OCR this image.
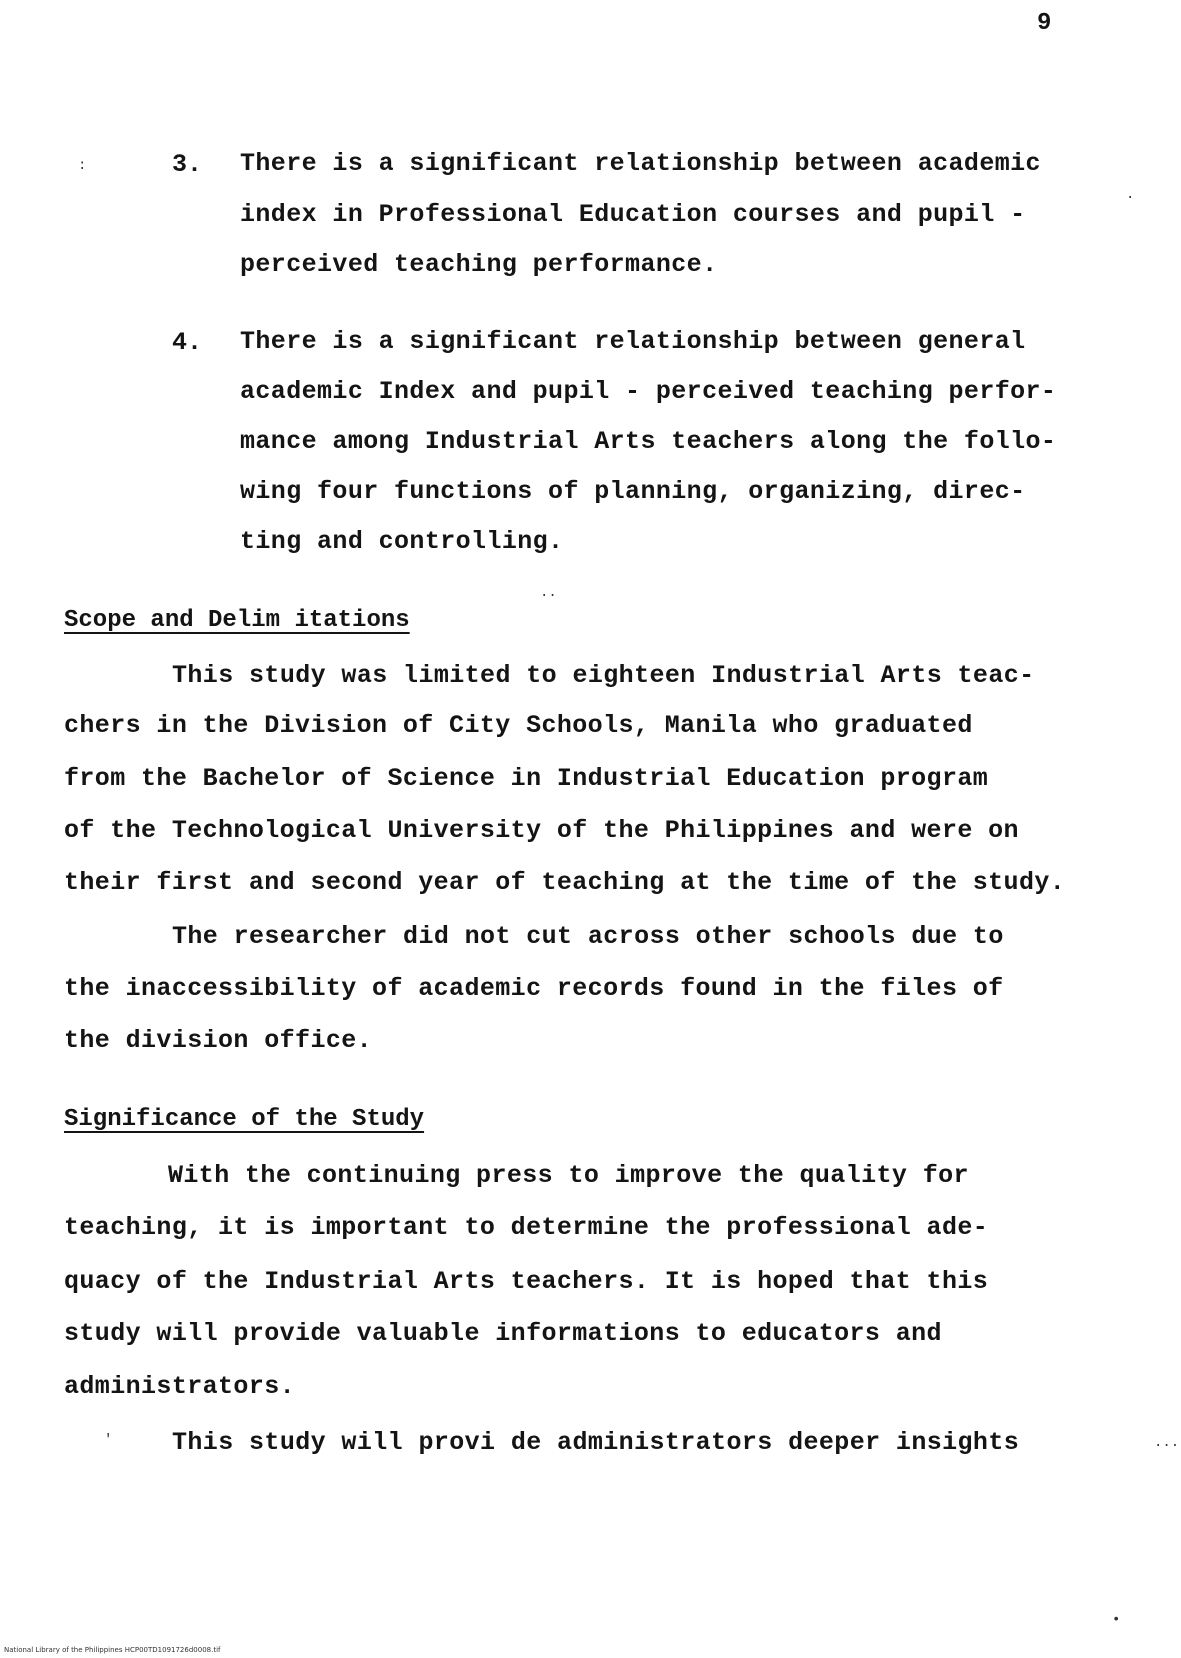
9
3. There is a significant relationship between academic
index in Professional Education courses and pupil -
perceived teaching performance.
4. There is a significant relationship between general
academic Index and pupil - perceived teaching perfor-
mance among Industrial Arts teachers along the follo-
wing four functions of planning, organizing, direc-
ting and controlling.
Scope and Delim itations
This study was limited to eighteen Industrial Arts teac-
chers in the Division of City Schools, Manila who graduated
from the Bachelor of Science in Industrial Education program
of the Technological University of the Philippines and were on
their first and second year of teaching at the time of the study.
The researcher did not cut across other schools due to
the inaccessibility of academic records found in the files of
the division office.
Significance of the Study
With the continuing press to improve the quality for
teaching, it is important to determine the professional ade-
quacy of the Industrial Arts teachers. It is hoped that this
study will provide valuable informations to educators and
administrators.
This study will provi de administrators deeper insights
:
·
··
'	···
•
National Library of the Philippines HCP00TD1091726d0008.tif
